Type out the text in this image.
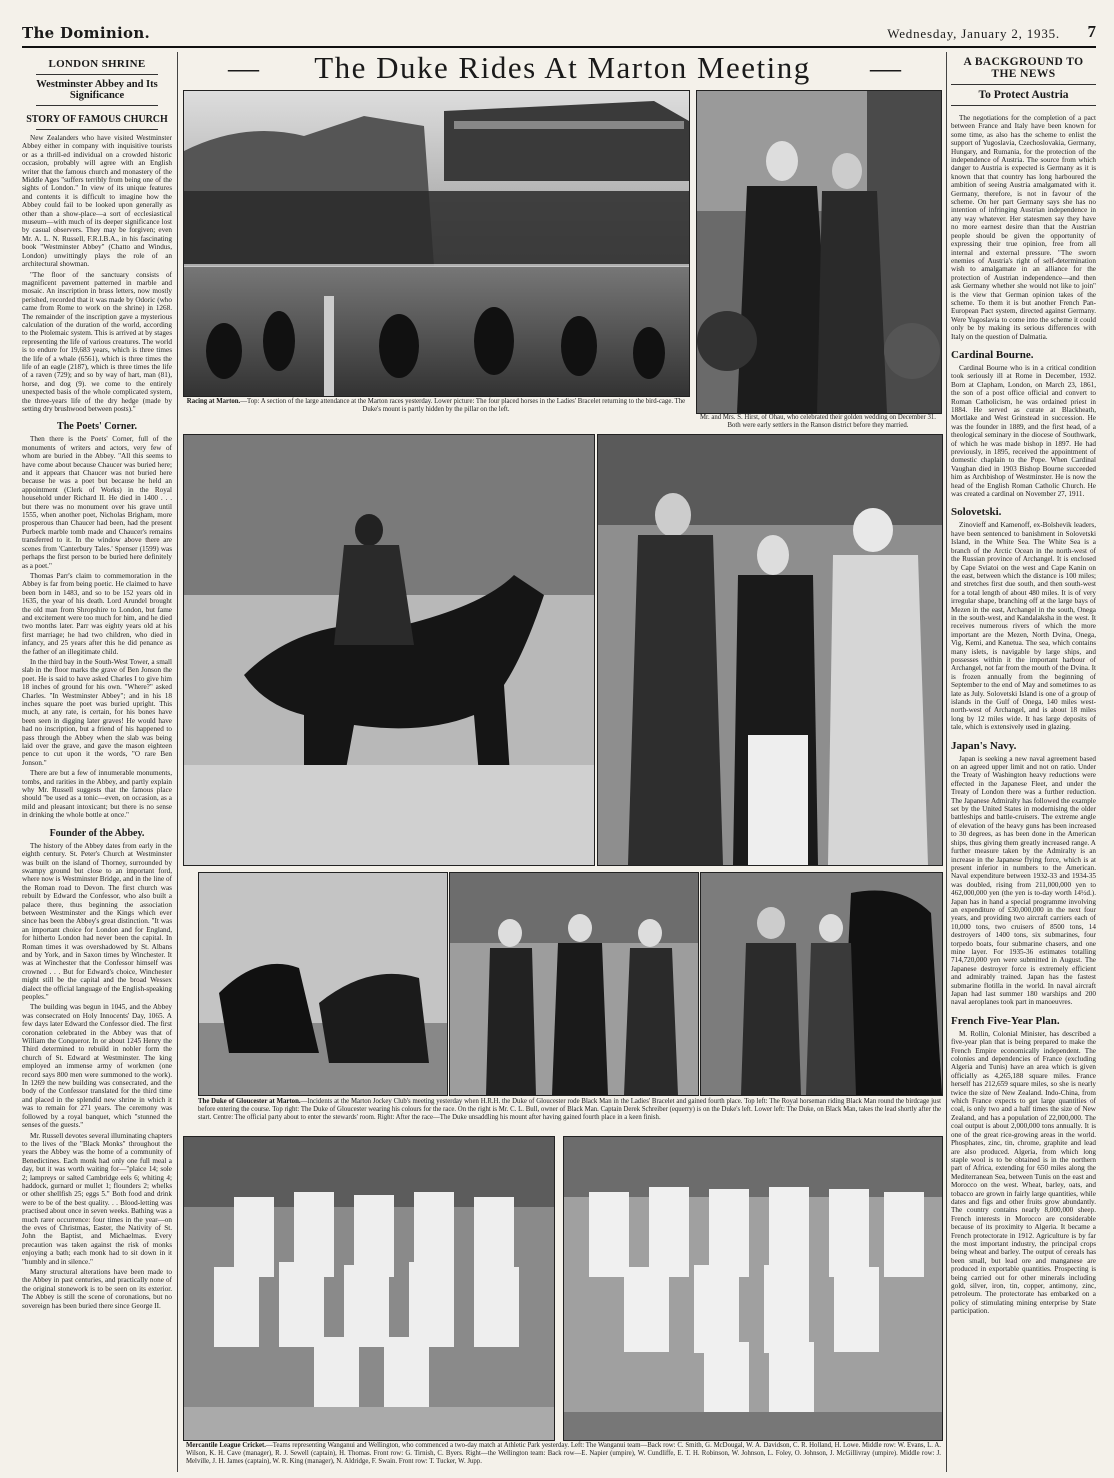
The Dominion.	Wednesday, January 2, 1935. 7
LONDON SHRINE
Westminster Abbey and Its Significance
STORY OF FAMOUS CHURCH

New Zealanders who have visited Westminster Abbey either in company with inquisitive tourists or as a thrill-ed individual on a crowded historic occasion, probably will agree with an English writer that the famous church and monastery of the Middle Ages "suffers terribly from being one of the sights of London." In view of its unique features and contents it is difficult to imagine how the Abbey could fail to be looked upon generally as other than a show-place—a sort of ecclesiastical museum—with much of its deeper significance lost by casual observers. They may be forgiven; even Mr. A. L. N. Russell, F.R.I.B.A., in his fascinating book "Westminster Abbey" (Chatto and Windus, London) unwittingly plays the role of an architectural showman.

"The floor of the sanctuary consists of magnificent pavement patterned in marble and mosaic. An inscription in brass letters, now mostly perished, recorded that it was made by Odoric (who came from Rome to work on the shrine) in 1268. The remainder of the inscription gave a mysterious calculation of the duration of the world, according to the Ptolemaic system. This is arrived at by stages representing the life of various creatures. The world is to endure for 19,683 years, which is three times the life of a whale (6561), which is three times the life of an eagle (2187), which is three times the life of a raven (729); and so by way of hart, man (81), horse, and dog (9). we come to the entirely unexpected basis of the whole complicated system, the three-years life of the dry hedge (made by setting dry brushwood between posts)."

The Poets' Corner.

Then there is the Poets' Corner, full of the monuments of writers and actors, very few of whom are buried in the Abbey. "All this seems to have come about because Chaucer was buried here; and it appears that Chaucer was not buried here because he was a poet but because he held an appointment (Clerk of Works) in the Royal household under Richard II. He died in 1400 . . . but there was no monument over his grave until 1555, when another poet, Nicholas Brigham, more prosperous than Chaucer had been, had the present Purbeck marble tomb made and Chaucer's remains transferred to it. In the window above there are scenes from 'Canterbury Tales.' Spenser (1599) was perhaps the first person to be buried here definitely as a poet."

Thomas Parr's claim to commemoration in the Abbey is far from being poetic. He claimed to have been born in 1483, and so to be 152 years old in 1635, the year of his death. Lord Arundel brought the old man from Shropshire to London, but fame and excitement were too much for him, and he died two months later. Parr was eighty years old at his first marriage; he had two children, who died in infancy, and 25 years after this he did penance as the father of an illegitimate child.

In the third bay in the South-West Tower, a small slab in the floor marks the grave of Ben Jonson the poet. He is said to have asked Charles I to give him 18 inches of ground for his own. "Where?" asked Charles. "In Westminster Abbey"; and in his 18 inches square the poet was buried upright. This much, at any rate, is certain, for his bones have been seen in digging later graves! He would have had no inscription, but a friend of his happened to pass through the Abbey when the slab was being laid over the grave, and gave the mason eighteen pence to cut upon it the words, "O rare Ben Jonson."

There are but a few of innumerable monuments, tombs, and rarities in the Abbey, and partly explain why Mr. Russell suggests that the famous place should "be used as a tonic—even, on occasion, as a mild and pleasant intoxicant; but there is no sense in drinking the whole bottle at once."

Founder of the Abbey.

The history of the Abbey dates from early in the eighth century. St. Peter's Church at Westminster was built on the island of Thorney, surrounded by swampy ground but close to an important ford, where now is Westminster Bridge, and in the line of the Roman road to Devon. The first church was rebuilt by Edward the Confessor, who also built a palace there, thus beginning the association between Westminster and the Kings which ever since has been the Abbey's great distinction. "It was an important choice for London and for England, for hitherto London had never been the capital. In Roman times it was overshadowed by St. Albans and by York, and in Saxon times by Winchester. It was at Winchester that the Confessor himself was crowned . . . But for Edward's choice, Winchester might still be the capital and the broad Wessex dialect the official language of the English-speaking peoples."

The building was begun in 1045, and the Abbey was consecrated on Holy Innocents' Day, 1065. A few days later Edward the Confessor died. The first coronation celebrated in the Abbey was that of William the Conqueror. In or about 1245 Henry the Third determined to rebuild in nobler form the church of St. Edward at Westminster. The king employed an immense army of workmen (one record says 800 men were summoned to the work). In 1269 the new building was consecrated, and the body of the Confessor translated for the third time and placed in the splendid new shrine in which it was to remain for 271 years. The ceremony was followed by a royal banquet, which "stunned the senses of the guests."

Mr. Russell devotes several illuminating chapters to the lives of the "Black Monks" throughout the years the Abbey was the home of a community of Benedictines. Each monk had only one full meal a day, but it was worth waiting for—"plaice 14; sole 2; lampreys or salted Cambridge eels 6; whiting 4; haddock, gurnard or mullet 1; flounders 2; whelks or other shellfish 25; eggs 5." Both food and drink were to be of the best quality. . . Blood-letting was practised about once in seven weeks. Bathing was a much rarer occurrence: four times in the year—on the eves of Christmas, Easter, the Nativity of St. John the Baptist, and Michaelmas. Every precaution was taken against the risk of monks enjoying a bath; each monk had to sit down in it "humbly and in silence."

Many structural alterations have been made to the Abbey in past centuries, and practically none of the original stonework is to be seen on its exterior. The Abbey is still the scene of coronations, but no sovereign has been buried there since George II.

—	The Duke Rides At Marton Meeting	—
Racing at Marton.—Top: A section of the large attendance at the Marton races yesterday. Lower picture: The four placed horses in the Ladies' Bracelet returning to the bird-cage. The Duke's mount is partly hidden by the pillar on the left.
Mr. and Mrs. S. Hirst, of Ohau, who celebrated their golden wedding on December 31. Both were early settlers in the Ranson district before they married.
The Duke of Gloucester at Marton.—Incidents at the Marton Jockey Club's meeting yesterday when H.R.H. the Duke of Gloucester rode Black Man in the Ladies' Bracelet and gained fourth place. Top left: The Royal horseman riding Black Man round the birdcage just before entering the course. Top right: The Duke of Gloucester wearing his colours for the race. On the right is Mr. C. L. Bull, owner of Black Man. Captain Derek Schreiber (equerry) is on the Duke's left. Lower left: The Duke, on Black Man, takes the lead shortly after the start. Centre: The official party about to enter the stewards' room. Right: After the race—The Duke unsaddling his mount after having gained fourth place in a keen finish.
Mercantile League Cricket.—Teams representing Wanganui and Wellington, who commenced a two-day match at Athletic Park yesterday. Left: The Wanganui team—Back row: C. Smith, G. McDougal, W. A. Davidson, C. R. Holland, H. Lowe. Middle row: W. Evans, L. A. Wilson, K. H. Cave (manager), R. J. Sewell (captain), H. Thomas. Front row: G. Tirnish, C. Byers. Right—the Wellington team: Back row—E. Napier (umpire), W. Cundliffe, E. T. H. Robinson, W. Johnson, L. Foley, O. Johnson, J. McGillivray (umpire). Middle row: J. Melville, J. H. James (captain), W. R. King (manager), N. Aldridge, F. Swain. Front row: T. Tucker, W. Jupp.
A BACKGROUND TO THE NEWS
To Protect Austria

The negotiations for the completion of a pact between France and Italy have been known for some time, as also has the scheme to enlist the support of Yugoslavia, Czechoslovakia, Germany, Hungary, and Rumania, for the protection of the independence of Austria. The source from which danger to Austria is expected is Germany as it is known that that country has long harboured the ambition of seeing Austria amalgamated with it. Germany, therefore, is not in favour of the scheme. On her part Germany says she has no intention of infringing Austrian independence in any way whatever. Her statesmen say they have no more earnest desire than that the Austrian people should be given the opportunity of expressing their true opinion, free from all internal and external pressure. "The sworn enemies of Austria's right of self-determination wish to amalgamate in an alliance for the protection of Austrian independence—and then ask Germany whether she would not like to join" is the view that German opinion takes of the scheme. To them it is but another French Pan-European Pact system, directed against Germany. Were Yugoslavia to come into the scheme it could only be by making its serious differences with Italy on the question of Dalmatia.

Cardinal Bourne.

Cardinal Bourne who is in a critical condition took seriously ill at Rome in December, 1932. Born at Clapham, London, on March 23, 1861, the son of a post office official and convert to Roman Catholicism, he was ordained priest in 1884. He served as curate at Blackheath, Mortlake and West Grinstead in succession. He was the founder in 1889, and the first head, of a theological seminary in the diocese of Southwark, of which he was made bishop in 1897. He had previously, in 1895, received the appointment of domestic chaplain to the Pope. When Cardinal Vaughan died in 1903 Bishop Bourne succeeded him as Archbishop of Westminster. He is now the head of the English Roman Catholic Church. He was created a cardinal on November 27, 1911.

Solovetski.

Zinovieff and Kamenoff, ex-Bolshevik leaders, have been sentenced to banishment in Solovetski Island, in the White Sea. The White Sea is a branch of the Arctic Ocean in the north-west of the Russian province of Archangel. It is enclosed by Cape Sviatoi on the west and Cape Kanin on the east, between which the distance is 100 miles; and stretches first due south, and then south-west for a total length of about 480 miles. It is of very irregular shape, branching off at the large bays of Mezen in the east, Archangel in the south, Onega in the south-west, and Kandalaksha in the west. It receives numerous rivers of which the more important are the Mezen, North Dvina, Onega, Vig, Kemi, and Kanetua. The sea, which contains many islets, is navigable by large ships, and possesses within it the important harbour of Archangel, not far from the mouth of the Dvina. It is frozen annually from the beginning of September to the end of May and sometimes to as late as July. Solovetski Island is one of a group of islands in the Gulf of Onega, 140 miles west-north-west of Archangel, and is about 18 miles long by 12 miles wide. It has large deposits of tale, which is extensively used in glazing.

Japan's Navy.

Japan is seeking a new naval agreement based on an agreed upper limit and not on ratio. Under the Treaty of Washington heavy reductions were effected in the Japanese Fleet, and under the Treaty of London there was a further reduction. The Japanese Admiralty has followed the example set by the United States in modernising the older battleships and battle-cruisers. The extreme angle of elevation of the heavy guns has been increased to 30 degrees, as has been done in the American ships, thus giving them greatly increased range. A further measure taken by the Admiralty is an increase in the Japanese flying force, which is at present inferior in numbers to the American. Naval expenditure between 1932-33 and 1934-35 was doubled, rising from 211,000,000 yen to 462,000,000 yen (the yen is to-day worth 14½d.). Japan has in hand a special programme involving an expenditure of £30,000,000 in the next four years, and providing two aircraft carriers each of 10,000 tons, two cruisers of 8500 tons, 14 destroyers of 1400 tons, six submarines, four torpedo boats, four submarine chasers, and one mine layer. For 1935-36 estimates totalling 714,720,000 yen were submitted in August. The Japanese destroyer force is extremely efficient and admirably trained. Japan has the fastest submarine flotilla in the world. In naval aircraft Japan had last summer 180 warships and 200 naval aeroplanes took part in manoeuvres.

French Five-Year Plan.

M. Rollin, Colonial Minister, has described a five-year plan that is being prepared to make the French Empire economically independent. The colonies and dependencies of France (excluding Algeria and Tunis) have an area which is given officially as 4,265,188 square miles. France herself has 212,659 square miles, so she is nearly twice the size of New Zealand. Indo-China, from which France expects to get large quantities of coal, is only two and a half times the size of New Zealand, and has a population of 22,000,000. The coal output is about 2,000,000 tons annually. It is one of the great rice-growing areas in the world. Phosphates, zinc, tin, chrome, graphite and lead are also produced. Algeria, from which long staple wool is to be obtained is in the northern part of Africa, extending for 650 miles along the Mediterranean Sea, between Tunis on the east and Morocco on the west. Wheat, barley, oats, and tobacco are grown in fairly large quantities, while dates and figs and other fruits grow abundantly. The country contains nearly 8,000,000 sheep. French interests in Morocco are considerable because of its proximity to Algeria. It became a French protectorate in 1912. Agriculture is by far the most important industry, the principal crops being wheat and barley. The output of cereals has been small, but lead ore and manganese are produced in exportable quantities. Prospecting is being carried out for other minerals including gold, silver, iron, tin, copper, antimony, zinc, petroleum. The protectorate has embarked on a policy of stimulating mining enterprise by State participation.
